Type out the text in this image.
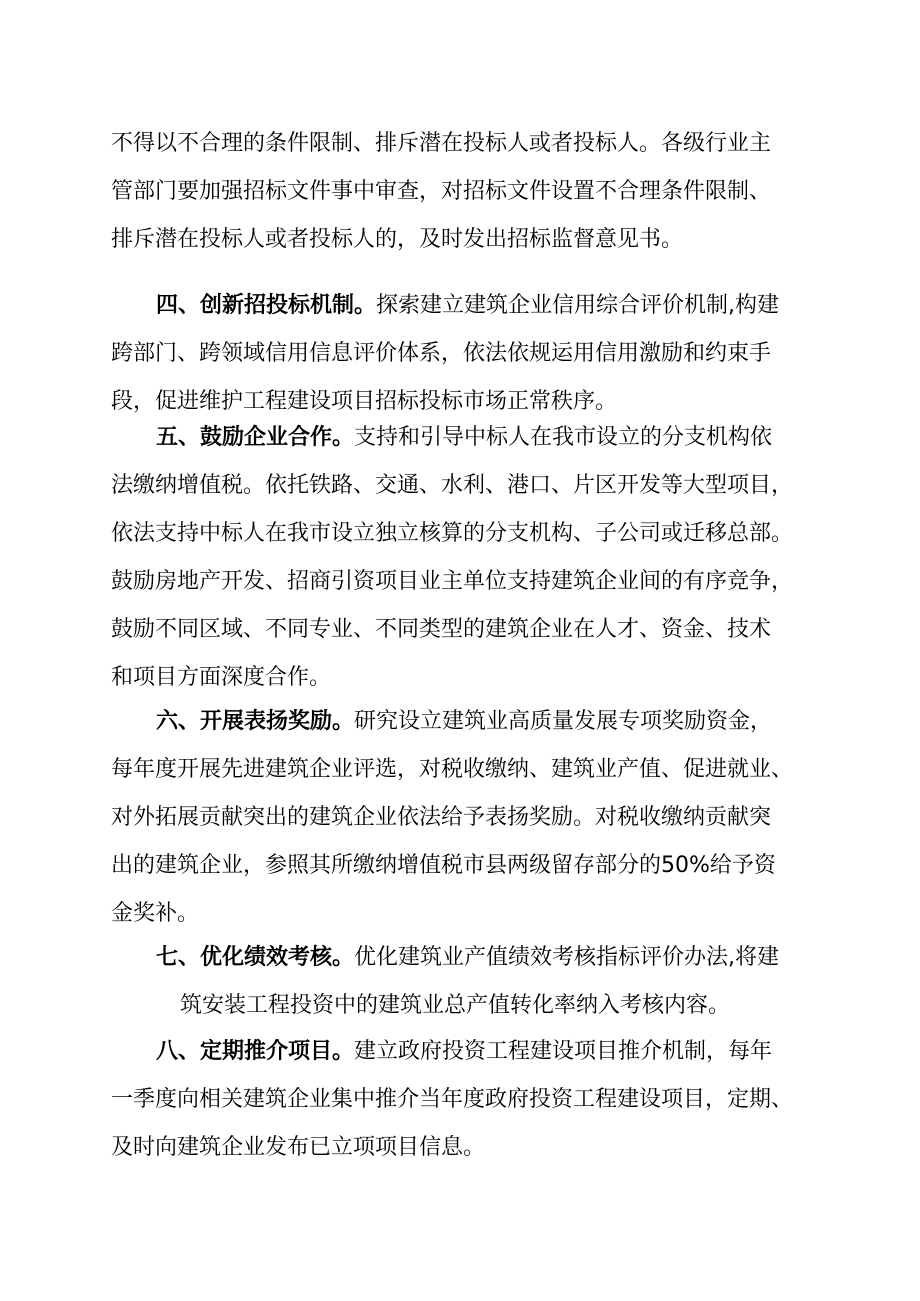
不得以不合理的条件限制、排斥潜在投标人或者投标人。各级行业主
管部门要加强招标文件事中审查，对招标文件设置不合理条件限制、
排斥潜在投标人或者投标人的，及时发出招标监督意见书。
四、创新招投标机制。探索建立建筑企业信用综合评价机制,构建
跨部门、跨领域信用信息评价体系，依法依规运用信用激励和约束手
段，促进维护工程建设项目招标投标市场正常秩序。
五、鼓励企业合作。支持和引导中标人在我市设立的分支机构依
法缴纳增值税。依托铁路、交通、水利、港口、片区开发等大型项目，
依法支持中标人在我市设立独立核算的分支机构、子公司或迁移总部。
鼓励房地产开发、招商引资项目业主单位支持建筑企业间的有序竞争，
鼓励不同区域、不同专业、不同类型的建筑企业在人才、资金、技术
和项目方面深度合作。
六、开展表扬奖励。研究设立建筑业高质量发展专项奖励资金，
每年度开展先进建筑企业评选，对税收缴纳、建筑业产值、促进就业、
对外拓展贡献突出的建筑企业依法给予表扬奖励。对税收缴纳贡献突
出的建筑企业，参照其所缴纳增值税市县两级留存部分的50%给予资
金奖补。
七、优化绩效考核。优化建筑业产值绩效考核指标评价办法,将建
筑安装工程投资中的建筑业总产值转化率纳入考核内容。
八、定期推介项目。建立政府投资工程建设项目推介机制，每年
一季度向相关建筑企业集中推介当年度政府投资工程建设项目，定期、
及时向建筑企业发布已立项项目信息。
